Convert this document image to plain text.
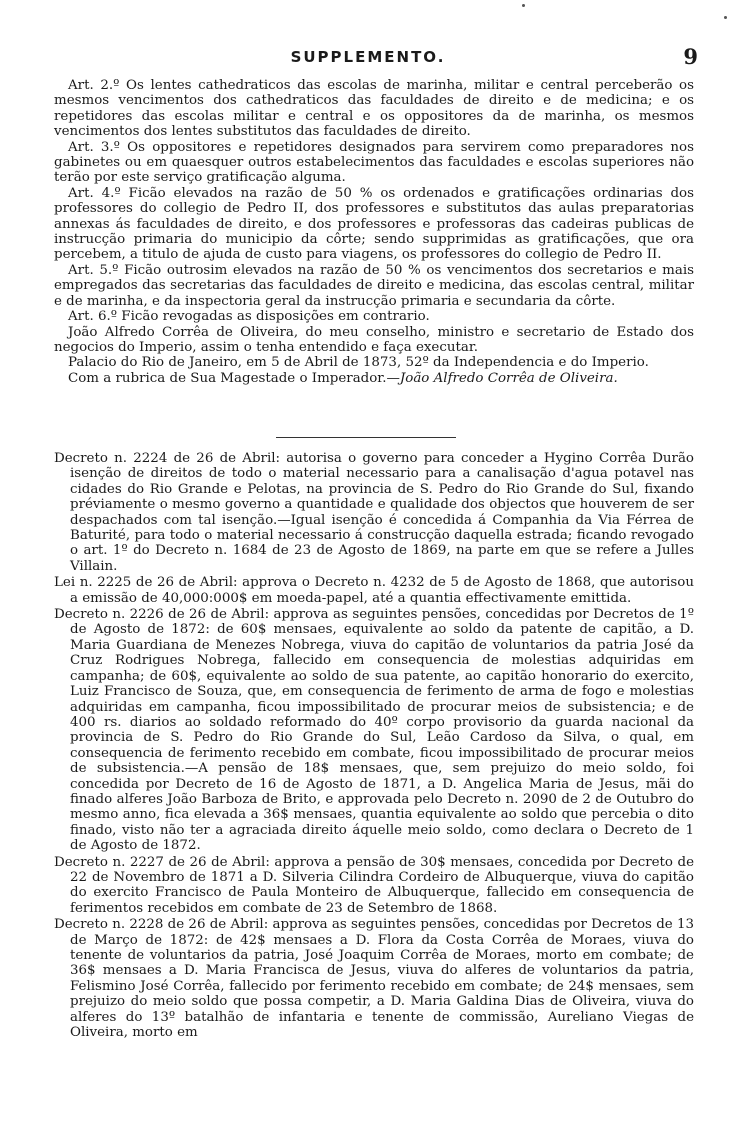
SUPPLEMENTO.	9

Art. 2.º Os lentes cathedraticos das escolas de marinha, militar e central perceberão os mesmos vencimentos dos cathedraticos das faculdades de direito e de medicina; e os repetidores das escolas militar e central e os oppositores da de marinha, os mesmos vencimentos dos lentes substitutos das faculdades de direito.

Art. 3.º Os oppositores e repetidores designados para servirem como preparadores nos gabinetes ou em quaesquer outros estabelecimentos das faculdades e escolas superiores não terão por este serviço gratificação alguma.

Art. 4.º Ficão elevados na razão de 50 % os ordenados e gratificações ordinarias dos professores do collegio de Pedro II, dos professores e substitutos das aulas preparatorias annexas ás faculdades de direito, e dos professores e professoras das cadeiras publicas de instrucção primaria do municipio da côrte; sendo supprimidas as gratificações, que ora percebem, a titulo de ajuda de custo para viagens, os professores do collegio de Pedro II.

Art. 5.º Ficão outrosim elevados na razão de 50 % os vencimentos dos secretarios e mais empregados das secretarias das faculdades de direito e medicina, das escolas central, militar e de marinha, e da inspectoria geral da instrucção primaria e secundaria da côrte.

Art. 6.º Ficão revogadas as disposições em contrario.

João Alfredo Corrêa de Oliveira, do meu conselho, ministro e secretario de Estado dos negocios do Imperio, assim o tenha entendido e faça executar.

Palacio do Rio de Janeiro, em 5 de Abril de 1873, 52º da Independencia e do Imperio.

Com a rubrica de Sua Magestade o Imperador.—João Alfredo Corrêa de Oliveira.

Decreto n. 2224 de 26 de Abril: autorisa o governo para conceder a Hygino Corrêa Durão isenção de direitos de todo o material necessario para a canalisação d'agua potavel nas cidades do Rio Grande e Pelotas, na provincia de S. Pedro do Rio Grande do Sul, fixando préviamente o mesmo governo a quantidade e qualidade dos objectos que houverem de ser despachados com tal isenção.—Igual isenção é concedida á Companhia da Via Férrea de Baturité, para todo o material necessario á construcção daquella estrada; ficando revogado o art. 1º do Decreto n. 1684 de 23 de Agosto de 1869, na parte em que se refere a Julles Villain.

Lei n. 2225 de 26 de Abril: approva o Decreto n. 4232 de 5 de Agosto de 1868, que autorisou a emissão de 40,000:000$ em moeda-papel, até a quantia effectivamente emittida.

Decreto n. 2226 de 26 de Abril: approva as seguintes pensões, concedidas por Decretos de 1º de Agosto de 1872: de 60$ mensaes, equivalente ao soldo da patente de capitão, a D. Maria Guardiana de Menezes Nobrega, viuva do capitão de voluntarios da patria José da Cruz Rodrigues Nobrega, fallecido em consequencia de molestias adquiridas em campanha; de 60$, equivalente ao soldo de sua patente, ao capitão honorario do exercito, Luiz Francisco de Souza, que, em consequencia de ferimento de arma de fogo e molestias adquiridas em campanha, ficou impossibilitado de procurar meios de subsistencia; e de 400 rs. diarios ao soldado reformado do 40º corpo provisorio da guarda nacional da provincia de S. Pedro do Rio Grande do Sul, Leão Cardoso da Silva, o qual, em consequencia de ferimento recebido em combate, ficou impossibilitado de procurar meios de subsistencia.—A pensão de 18$ mensaes, que, sem prejuizo do meio soldo, foi concedida por Decreto de 16 de Agosto de 1871, a D. Angelica Maria de Jesus, mãi do finado alferes João Barboza de Brito, e approvada pelo Decreto n. 2090 de 2 de Outubro do mesmo anno, fica elevada a 36$ mensaes, quantia equivalente ao soldo que percebia o dito finado, visto não ter a agraciada direito áquelle meio soldo, como declara o Decreto de 1 de Agosto de 1872.

Decreto n. 2227 de 26 de Abril: approva a pensão de 30$ mensaes, concedida por Decreto de 22 de Novembro de 1871 a D. Silveria Cilindra Cordeiro de Albuquerque, viuva do capitão do exercito Francisco de Paula Monteiro de Albuquerque, fallecido em consequencia de ferimentos recebidos em combate de 23 de Setembro de 1868.

Decreto n. 2228 de 26 de Abril: approva as seguintes pensões, concedidas por Decretos de 13 de Março de 1872: de 42$ mensaes a D. Flora da Costa Corrêa de Moraes, viuva do tenente de voluntarios da patria, José Joaquim Corrêa de Moraes, morto em combate; de 36$ mensaes a D. Maria Francisca de Jesus, viuva do alferes de voluntarios da patria, Felismino José Corrêa, fallecido por ferimento recebido em combate; de 24$ mensaes, sem prejuizo do meio soldo que possa competir, a D. Maria Galdina Dias de Oliveira, viuva do alferes do 13º batalhão de infantaria e tenente de commissão, Aureliano Viegas de Oliveira, morto em
